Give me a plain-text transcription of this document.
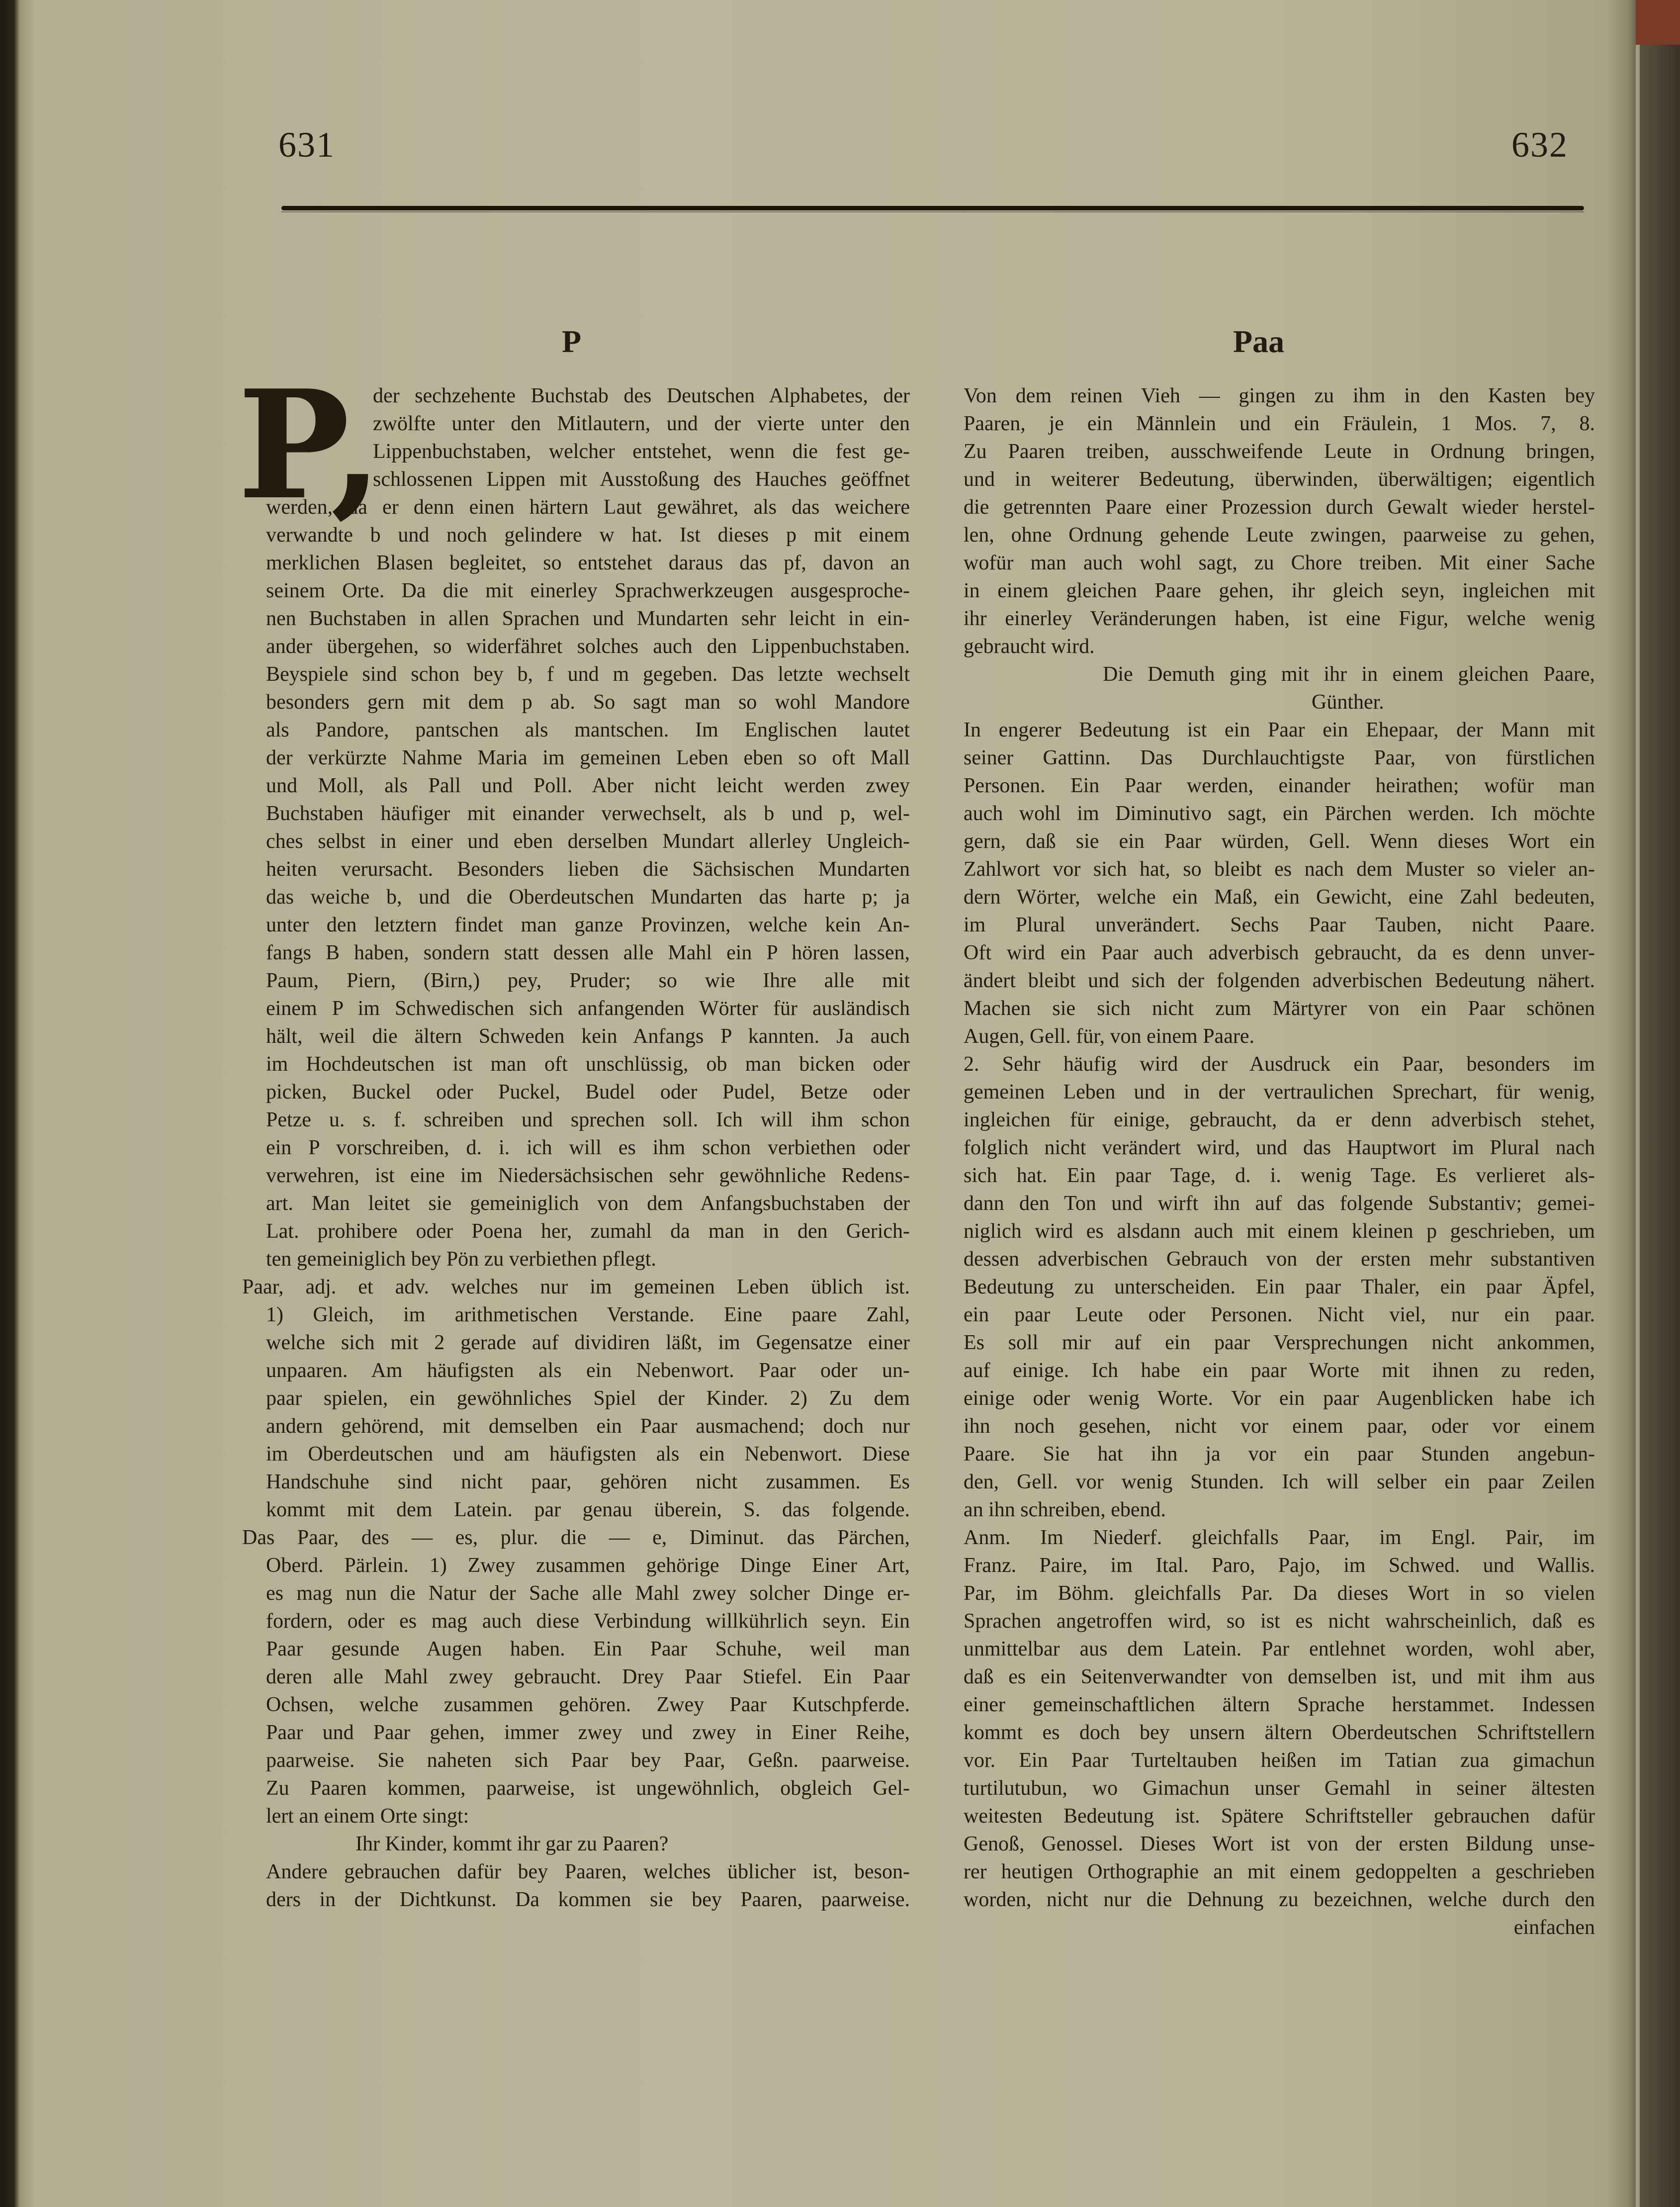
631	632
P	Paa
P,
der sechzehente Buchstab des Deutschen Alphabetes, der
zwölfte unter den Mitlautern, und der vierte unter den
Lippenbuchstaben, welcher entstehet, wenn die fest ge-
schlossenen Lippen mit Ausstoßung des Hauches geöffnet
werden, da er denn einen härtern Laut gewähret, als das weichere
verwandte b und noch gelindere w hat. Ist dieses p mit einem
merklichen Blasen begleitet, so entstehet daraus das pf, davon an
seinem Orte. Da die mit einerley Sprachwerkzeugen ausgesproche-
nen Buchstaben in allen Sprachen und Mundarten sehr leicht in ein-
ander übergehen, so widerfähret solches auch den Lippenbuchstaben.
Beyspiele sind schon bey b, f und m gegeben. Das letzte wechselt
besonders gern mit dem p ab. So sagt man so wohl Mandore
als Pandore, pantschen als mantschen. Im Englischen lautet
der verkürzte Nahme Maria im gemeinen Leben eben so oft Mall
und Moll, als Pall und Poll. Aber nicht leicht werden zwey
Buchstaben häufiger mit einander verwechselt, als b und p, wel-
ches selbst in einer und eben derselben Mundart allerley Ungleich-
heiten verursacht. Besonders lieben die Sächsischen Mundarten
das weiche b, und die Oberdeutschen Mundarten das harte p; ja
unter den letztern findet man ganze Provinzen, welche kein An-
fangs B haben, sondern statt dessen alle Mahl ein P hören lassen,
Paum, Piern, (Birn,) pey, Pruder; so wie Ihre alle mit
einem P im Schwedischen sich anfangenden Wörter für ausländisch
hält, weil die ältern Schweden kein Anfangs P kannten. Ja auch
im Hochdeutschen ist man oft unschlüssig, ob man bicken oder
picken, Buckel oder Puckel, Budel oder Pudel, Betze oder
Petze u. s. f. schreiben und sprechen soll. Ich will ihm schon
ein P vorschreiben, d. i. ich will es ihm schon verbiethen oder
verwehren, ist eine im Niedersächsischen sehr gewöhnliche Redens-
art. Man leitet sie gemeiniglich von dem Anfangsbuchstaben der
Lat. prohibere oder Poena her, zumahl da man in den Gerich-
ten gemeiniglich bey Pön zu verbiethen pflegt.
Paar, adj. et adv. welches nur im gemeinen Leben üblich ist.
1) Gleich, im arithmetischen Verstande. Eine paare Zahl,
welche sich mit 2 gerade auf dividiren läßt, im Gegensatze einer
unpaaren. Am häufigsten als ein Nebenwort. Paar oder un-
paar spielen, ein gewöhnliches Spiel der Kinder. 2) Zu dem
andern gehörend, mit demselben ein Paar ausmachend; doch nur
im Oberdeutschen und am häufigsten als ein Nebenwort. Diese
Handschuhe sind nicht paar, gehören nicht zusammen. Es
kommt mit dem Latein. par genau überein, S. das folgende.
Das Paar, des — es, plur. die — e, Diminut. das Pärchen,
Oberd. Pärlein. 1) Zwey zusammen gehörige Dinge Einer Art,
es mag nun die Natur der Sache alle Mahl zwey solcher Dinge er-
fordern, oder es mag auch diese Verbindung willkührlich seyn. Ein
Paar gesunde Augen haben. Ein Paar Schuhe, weil man
deren alle Mahl zwey gebraucht. Drey Paar Stiefel. Ein Paar
Ochsen, welche zusammen gehören. Zwey Paar Kutschpferde.
Paar und Paar gehen, immer zwey und zwey in Einer Reihe,
paarweise. Sie naheten sich Paar bey Paar, Geßn. paarweise.
Zu Paaren kommen, paarweise, ist ungewöhnlich, obgleich Gel-
lert an einem Orte singt:
Ihr Kinder, kommt ihr gar zu Paaren?
Andere gebrauchen dafür bey Paaren, welches üblicher ist, beson-
ders in der Dichtkunst. Da kommen sie bey Paaren, paarweise.
Von dem reinen Vieh — gingen zu ihm in den Kasten bey
Paaren, je ein Männlein und ein Fräulein, 1 Mos. 7, 8.
Zu Paaren treiben, ausschweifende Leute in Ordnung bringen,
und in weiterer Bedeutung, überwinden, überwältigen; eigentlich
die getrennten Paare einer Prozession durch Gewalt wieder herstel-
len, ohne Ordnung gehende Leute zwingen, paarweise zu gehen,
wofür man auch wohl sagt, zu Chore treiben. Mit einer Sache
in einem gleichen Paare gehen, ihr gleich seyn, ingleichen mit
ihr einerley Veränderungen haben, ist eine Figur, welche wenig
gebraucht wird.
Die Demuth ging mit ihr in einem gleichen Paare,
Günther.
In engerer Bedeutung ist ein Paar ein Ehepaar, der Mann mit
seiner Gattinn. Das Durchlauchtigste Paar, von fürstlichen
Personen. Ein Paar werden, einander heirathen; wofür man
auch wohl im Diminutivo sagt, ein Pärchen werden. Ich möchte
gern, daß sie ein Paar würden, Gell. Wenn dieses Wort ein
Zahlwort vor sich hat, so bleibt es nach dem Muster so vieler an-
dern Wörter, welche ein Maß, ein Gewicht, eine Zahl bedeuten,
im Plural unverändert. Sechs Paar Tauben, nicht Paare.
Oft wird ein Paar auch adverbisch gebraucht, da es denn unver-
ändert bleibt und sich der folgenden adverbischen Bedeutung nähert.
Machen sie sich nicht zum Märtyrer von ein Paar schönen
Augen, Gell. für, von einem Paare.
2. Sehr häufig wird der Ausdruck ein Paar, besonders im
gemeinen Leben und in der vertraulichen Sprechart, für wenig,
ingleichen für einige, gebraucht, da er denn adverbisch stehet,
folglich nicht verändert wird, und das Hauptwort im Plural nach
sich hat. Ein paar Tage, d. i. wenig Tage. Es verlieret als-
dann den Ton und wirft ihn auf das folgende Substantiv; gemei-
niglich wird es alsdann auch mit einem kleinen p geschrieben, um
dessen adverbischen Gebrauch von der ersten mehr substantiven
Bedeutung zu unterscheiden. Ein paar Thaler, ein paar Äpfel,
ein paar Leute oder Personen. Nicht viel, nur ein paar.
Es soll mir auf ein paar Versprechungen nicht ankommen,
auf einige. Ich habe ein paar Worte mit ihnen zu reden,
einige oder wenig Worte. Vor ein paar Augenblicken habe ich
ihn noch gesehen, nicht vor einem paar, oder vor einem
Paare. Sie hat ihn ja vor ein paar Stunden angebun-
den, Gell. vor wenig Stunden. Ich will selber ein paar Zeilen
an ihn schreiben, ebend.
Anm. Im Niederf. gleichfalls Paar, im Engl. Pair, im
Franz. Paire, im Ital. Paro, Pajo, im Schwed. und Wallis.
Par, im Böhm. gleichfalls Par. Da dieses Wort in so vielen
Sprachen angetroffen wird, so ist es nicht wahrscheinlich, daß es
unmittelbar aus dem Latein. Par entlehnet worden, wohl aber,
daß es ein Seitenverwandter von demselben ist, und mit ihm aus
einer gemeinschaftlichen ältern Sprache herstammet. Indessen
kommt es doch bey unsern ältern Oberdeutschen Schriftstellern
vor. Ein Paar Turteltauben heißen im Tatian zua gimachun
turtilutubun, wo Gimachun unser Gemahl in seiner ältesten
weitesten Bedeutung ist. Spätere Schriftsteller gebrauchen dafür
Genoß, Genossel. Dieses Wort ist von der ersten Bildung unse-
rer heutigen Orthographie an mit einem gedoppelten a geschrieben
worden, nicht nur die Dehnung zu bezeichnen, welche durch den
einfachen
